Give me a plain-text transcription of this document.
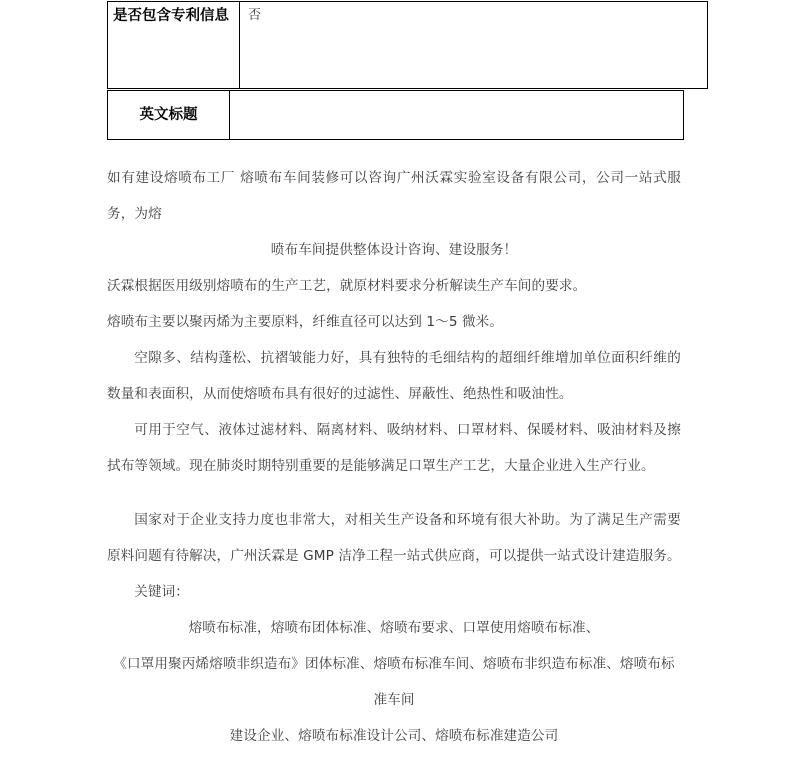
是否包含专利信息	否
英文标题

如有建设熔喷布工厂 熔喷布车间装修可以咨询广州沃霖实验室设备有限公司，公司一站式服务，为熔
喷布车间提供整体设计咨询、建设服务！

沃霖根据医用级别熔喷布的生产工艺，就原材料要求分析解读生产车间的要求。

熔喷布主要以聚丙烯为主要原料，纤维直径可以达到 1～5 微米。

空隙多、结构蓬松、抗褶皱能力好，具有独特的毛细结构的超细纤维增加单位面积纤维的数量和表面积，从而使熔喷布具有很好的过滤性、屏蔽性、绝热性和吸油性。

可用于空气、液体过滤材料、隔离材料、吸纳材料、口罩材料、保暖材料、吸油材料及擦拭布等领域。现在肺炎时期特别重要的是能够满足口罩生产工艺，大量企业进入生产行业。

国家对于企业支持力度也非常大，对相关生产设备和环境有很大补助。为了满足生产需要原料问题有待解决，广州沃霖是 GMP 洁净工程一站式供应商，可以提供一站式设计建造服务。

关键词：

熔喷布标准，熔喷布团体标准、熔喷布要求、口罩使用熔喷布标准、

《口罩用聚丙烯熔喷非织造布》团体标准、熔喷布标准车间、熔喷布非织造布标准、熔喷布标准车间

建设企业、熔喷布标准设计公司、熔喷布标准建造公司
